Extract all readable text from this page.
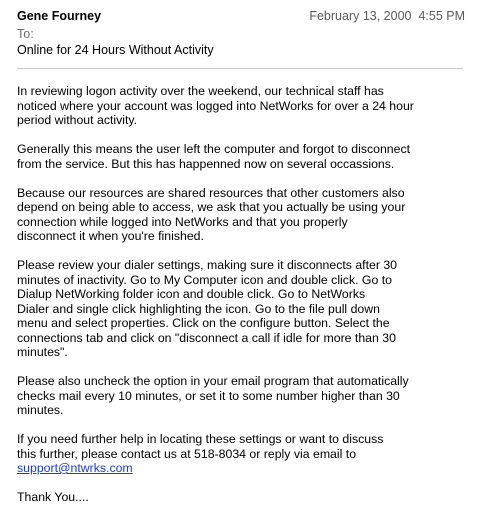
Gene Fourney	February 13, 2000  4:55 PM
To:
Online for 24 Hours Without Activity

In reviewing logon activity over the weekend, our technical staff has
noticed where your account was logged into NetWorks for over a 24 hour
period without activity.

Generally this means the user left the computer and forgot to disconnect
from the service. But this has happenned now on several occassions.

Because our resources are shared resources that other customers also
depend on being able to access, we ask that you actually be using your
connection while logged into NetWorks and that you properly
disconnect it when you're finished.

Please review your dialer settings, making sure it disconnects after 30
minutes of inactivity. Go to My Computer icon and double click. Go to
Dialup NetWorking folder icon and double click. Go to NetWorks
Dialer and single click highlighting the icon. Go to the file pull down
menu and select properties. Click on the configure button. Select the
connections tab and click on "disconnect a call if idle for more than 30
minutes".

Please also uncheck the option in your email program that automatically
checks mail every 10 minutes, or set it to some number higher than 30
minutes.

If you need further help in locating these settings or want to discuss
this further, please contact us at 518-8034 or reply via email to
support@ntwrks.com

Thank You....
